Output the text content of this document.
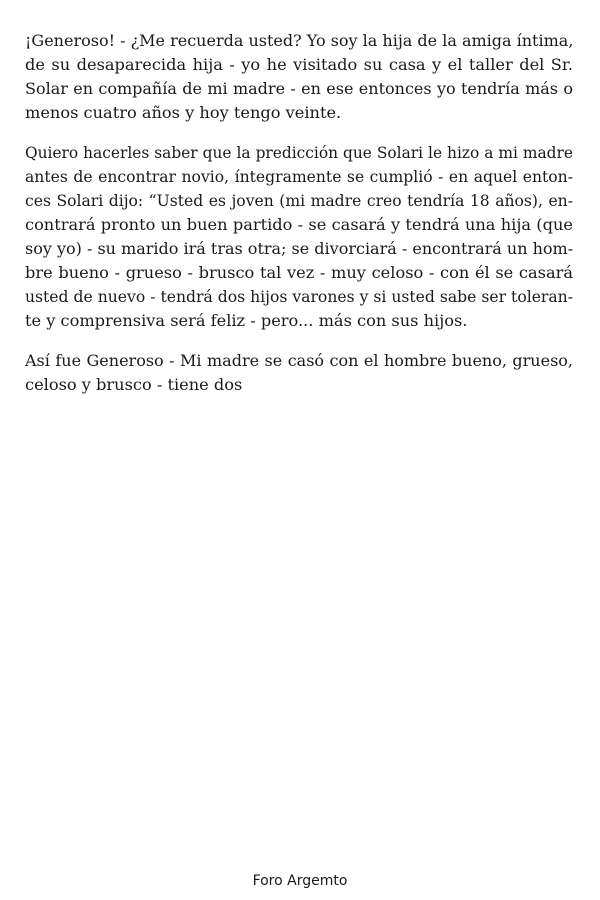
¡Generoso! - ¿Me recuerda usted? Yo soy la hija de la amiga íntima,
de su desaparecida hija - yo he visitado su casa y el taller del Sr.
Solar en compañía de mi madre - en ese entonces yo tendría más o
menos cuatro años y hoy tengo veinte.
Quiero hacerles saber que la predicción que Solari le hizo a mi madre
antes de encontrar novio, íntegramente se cumplió - en aquel enton-
ces Solari dijo: “Usted es joven (mi madre creo tendría 18 años), en-
contrará pronto un buen partido - se casará y tendrá una hija (que
soy yo) - su marido irá tras otra; se divorciará - encontrará un hom-
bre bueno - grueso - brusco tal vez - muy celoso - con él se casará
usted de nuevo - tendrá dos hijos varones y si usted sabe ser toleran-
te y comprensiva será feliz - pero... más con sus hijos.
Así fue Generoso - Mi madre se casó con el hombre bueno, grueso,
celoso y brusco - tiene dos
Foro Argemto
